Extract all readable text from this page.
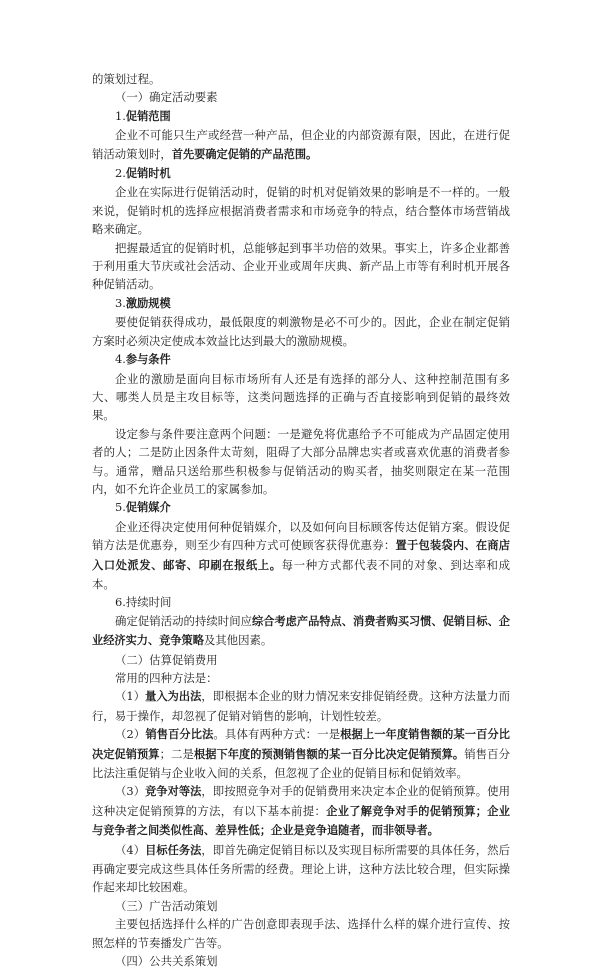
的策划过程。

（一）确定活动要素

1.促销范围

企业不可能只生产或经营一种产品，但企业的内部资源有限，因此，在进行促销活动策划时，首先要确定促销的产品范围。

2.促销时机

企业在实际进行促销活动时，促销的时机对促销效果的影响是不一样的。一般来说，促销时机的选择应根据消费者需求和市场竞争的特点，结合整体市场营销战略来确定。

把握最适宜的促销时机，总能够起到事半功倍的效果。事实上，许多企业都善于利用重大节庆或社会活动、企业开业或周年庆典、新产品上市等有利时机开展各种促销活动。

3.激励规模

要使促销获得成功，最低限度的刺激物是必不可少的。因此，企业在制定促销方案时必须决定使成本效益比达到最大的激励规模。

4.参与条件

企业的激励是面向目标市场所有人还是有选择的部分人、这种控制范围有多大、哪类人员是主攻目标等，这类问题选择的正确与否直接影响到促销的最终效果。

设定参与条件要注意两个问题：一是避免将优惠给予不可能成为产品固定使用者的人；二是防止因条件太苛刻，阻碍了大部分品牌忠实者或喜欢优惠的消费者参与。通常，赠品只送给那些积极参与促销活动的购买者，抽奖则限定在某一范围内，如不允许企业员工的家属参加。

5.促销媒介

企业还得决定使用何种促销媒介，以及如何向目标顾客传达促销方案。假设促销方法是优惠券，则至少有四种方式可使顾客获得优惠券：置于包装袋内、在商店入口处派发、邮寄、印刷在报纸上。每一种方式都代表不同的对象、到达率和成本。

6.持续时间

确定促销活动的持续时间应综合考虑产品特点、消费者购买习惯、促销目标、企业经济实力、竞争策略及其他因素。

（二）估算促销费用

常用的四种方法是：

（1）量入为出法，即根据本企业的财力情况来安排促销经费。这种方法量力而行，易于操作，却忽视了促销对销售的影响，计划性较差。

（2）销售百分比法。具体有两种方式：一是根据上一年度销售额的某一百分比决定促销预算；二是根据下年度的预测销售额的某一百分比决定促销预算。销售百分比法注重促销与企业收入间的关系，但忽视了企业的促销目标和促销效率。

（3）竞争对等法，即按照竞争对手的促销费用来决定本企业的促销预算。使用这种决定促销预算的方法，有以下基本前提：企业了解竞争对手的促销预算；企业与竞争者之间类似性高、差异性低；企业是竞争追随者，而非领导者。

（4）目标任务法，即首先确定促销目标以及实现目标所需要的具体任务，然后再确定要完成这些具体任务所需的经费。理论上讲，这种方法比较合理，但实际操作起来却比较困难。

（三）广告活动策划

主要包括选择什么样的广告创意即表现手法、选择什么样的媒介进行宣传、按照怎样的节奏播发广告等。

（四）公共关系策划
